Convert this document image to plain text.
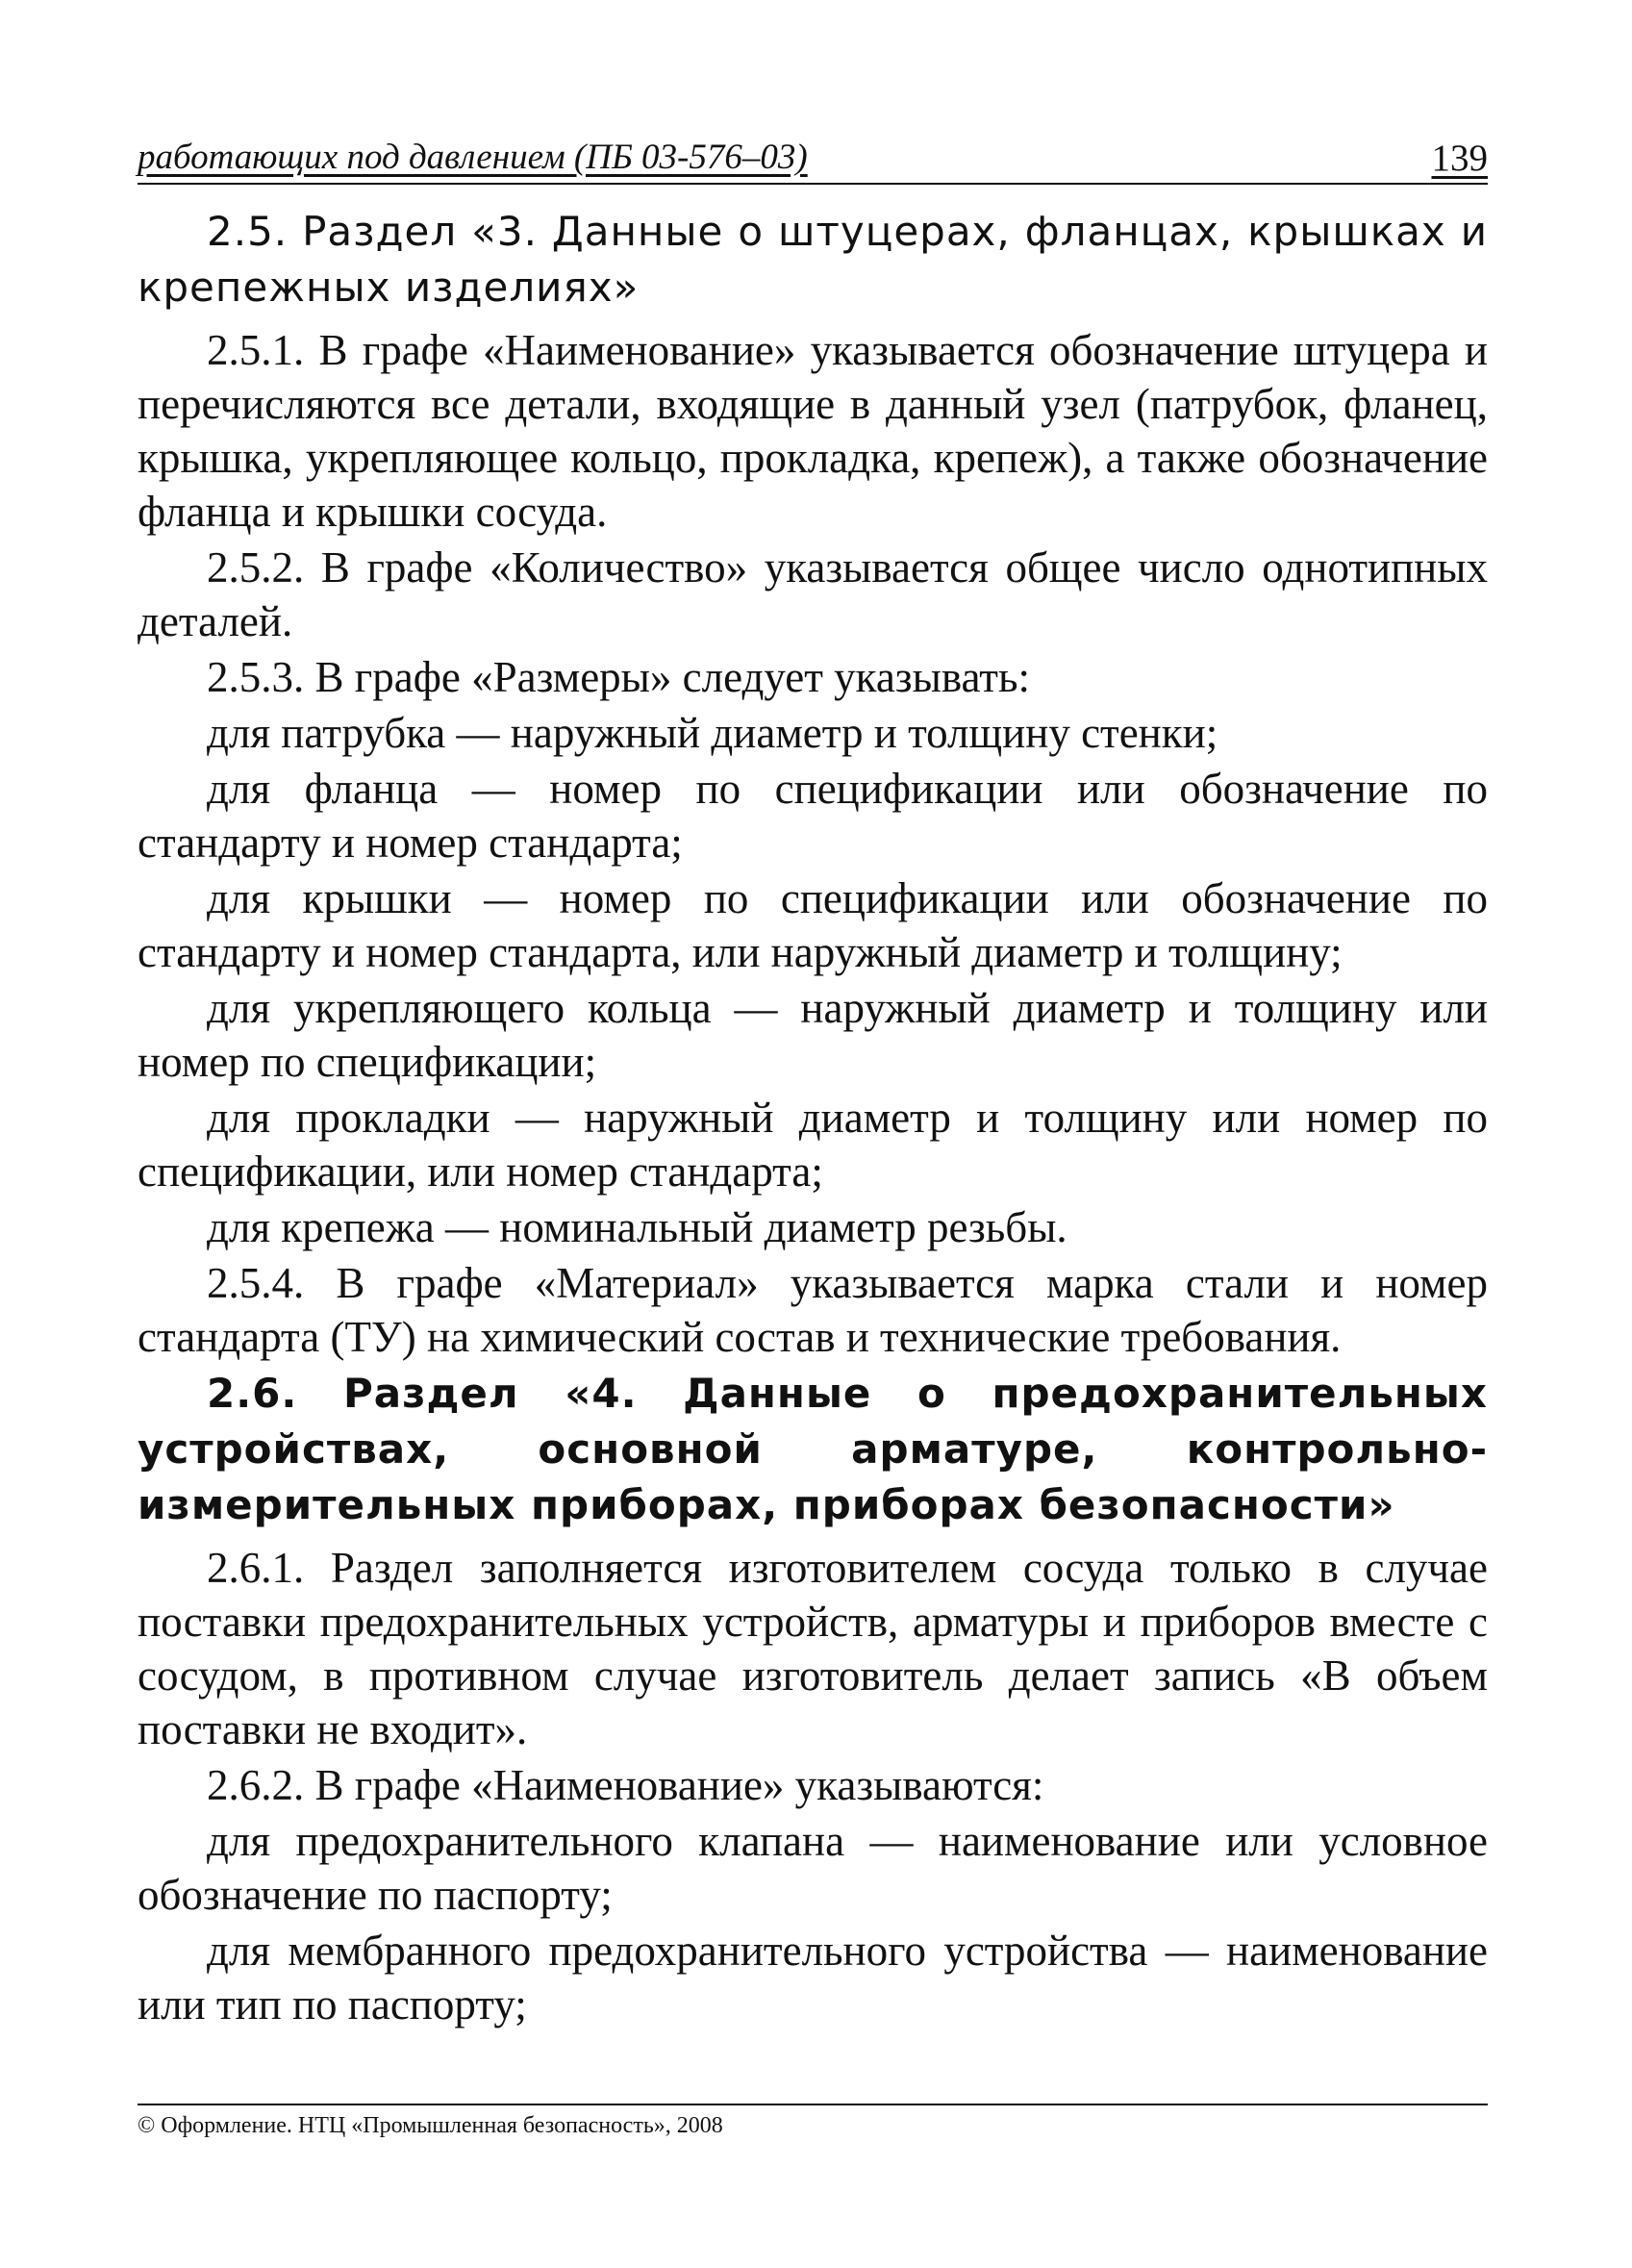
работающих под давлением (ПБ 03-576–03)	139
2.5. Раздел «3. Данные о штуцерах, фланцах, крышках и крепежных изделиях»

2.5.1. В графе «Наименование» указывается обозначение штуцера и перечисляются все детали, входящие в данный узел (патрубок, фланец, крышка, укрепляющее кольцо, прокладка, крепеж), а также обозначение фланца и крышки сосуда.

2.5.2. В графе «Количество» указывается общее число однотипных деталей.

2.5.3. В графе «Размеры» следует указывать:

для патрубка — наружный диаметр и толщину стенки;

для фланца — номер по спецификации или обозначение по стандарту и номер стандарта;

для крышки — номер по спецификации или обозначение по стандарту и номер стандарта, или наружный диаметр и толщину;

для укрепляющего кольца — наружный диаметр и толщину или номер по спецификации;

для прокладки — наружный диаметр и толщину или номер по спецификации, или номер стандарта;

для крепежа — номинальный диаметр резьбы.

2.5.4. В графе «Материал» указывается марка стали и номер стандарта (ТУ) на химический состав и технические требования.

2.6. Раздел «4. Данные о предохранительных устройствах, основной арматуре, контрольно-измерительных приборах, приборах безопасности»

2.6.1. Раздел заполняется изготовителем сосуда только в случае поставки предохранительных устройств, арматуры и приборов вместе с сосудом, в противном случае изготовитель делает запись «В объем поставки не входит».

2.6.2. В графе «Наименование» указываются:

для предохранительного клапана — наименование или условное обозначение по паспорту;

для мембранного предохранительного устройства — наименование или тип по паспорту;

© Оформление. НТЦ «Промышленная безопасность», 2008
